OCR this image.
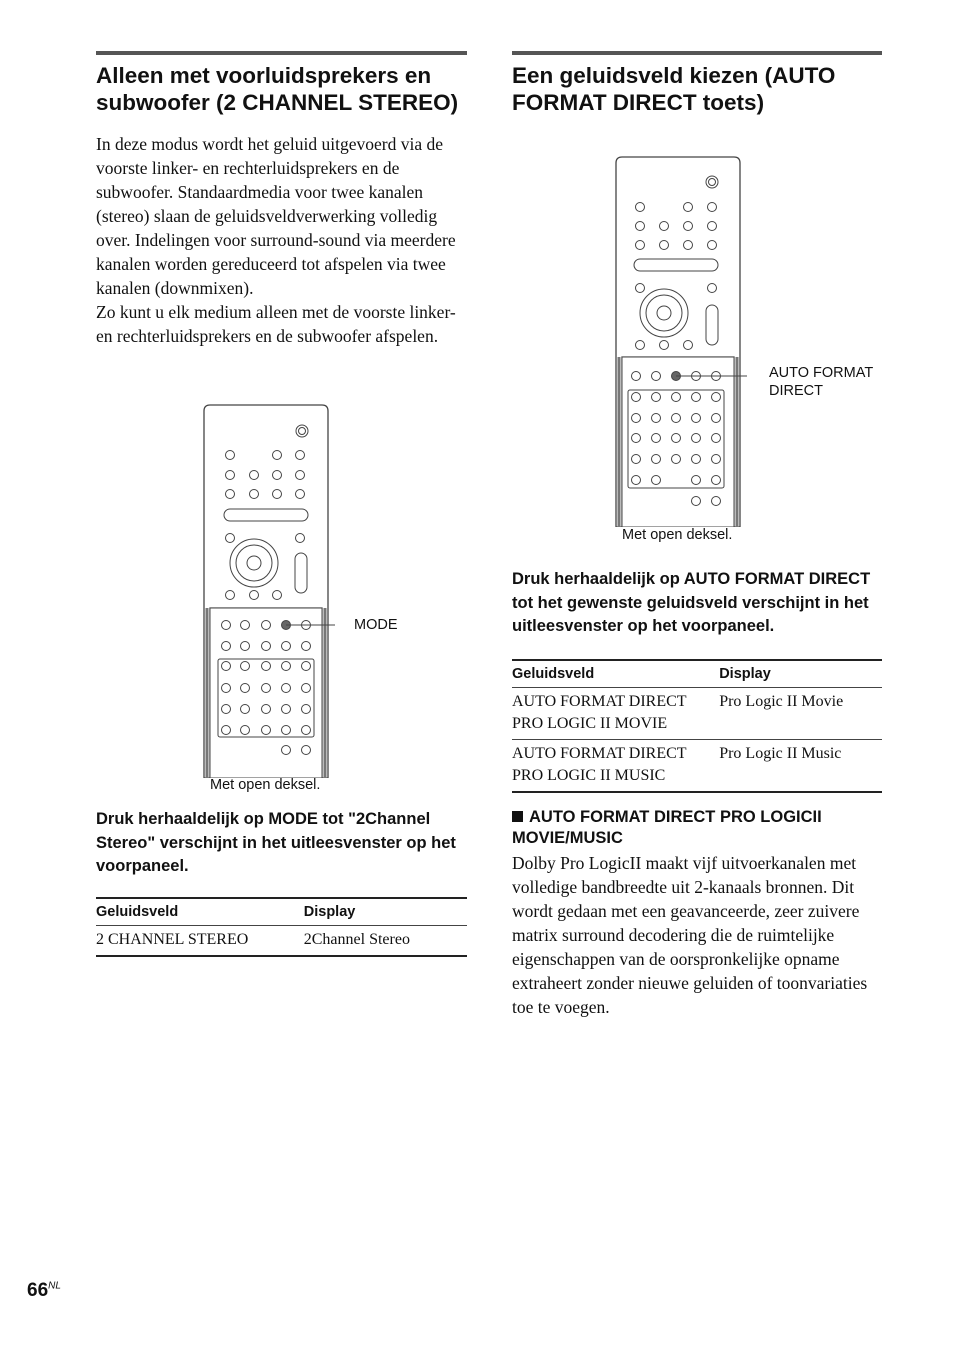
Alleen met voorluidsprekers en subwoofer (2 CHANNEL STEREO)

In deze modus wordt het geluid uitgevoerd via de voorste linker- en rechterluidsprekers en de subwoofer. Standaardmedia voor twee kanalen (stereo) slaan de geluidsveldverwerking volledig over. Indelingen voor surround-sound via meerdere kanalen worden gereduceerd tot afspelen via twee kanalen (downmixen).

Zo kunt u elk medium alleen met de voorste linker- en rechterluidsprekers en de subwoofer afspelen.

MODE
Met open deksel.

Druk herhaaldelijk op MODE tot "2Channel Stereo" verschijnt in het uitleesvenster op het voorpaneel.

Geluidsveld	Display
2 CHANNEL STEREO	2Channel Stereo
Een geluidsveld kiezen (AUTO FORMAT DIRECT toets)
AUTO FORMAT
DIRECT
Met open deksel.

Druk herhaaldelijk op AUTO FORMAT DIRECT tot het gewenste geluidsveld verschijnt in het uitleesvenster op het voorpaneel.

Geluidsveld	Display
AUTO FORMAT DIRECT PRO LOGIC II MOVIE	Pro Logic II Movie
AUTO FORMAT DIRECT PRO LOGIC II MUSIC	Pro Logic II Music

AUTO FORMAT DIRECT PRO LOGICII MOVIE/MUSIC

Dolby Pro LogicII maakt vijf uitvoerkanalen met volledige bandbreedte uit 2-kanaals bronnen. Dit wordt gedaan met een geavanceerde, zeer zuivere matrix surround decodering die de ruimtelijke eigenschappen van de oorspronkelijke opname extraheert zonder nieuwe geluiden of toonvariaties toe te voegen.

$66^{NL}$
